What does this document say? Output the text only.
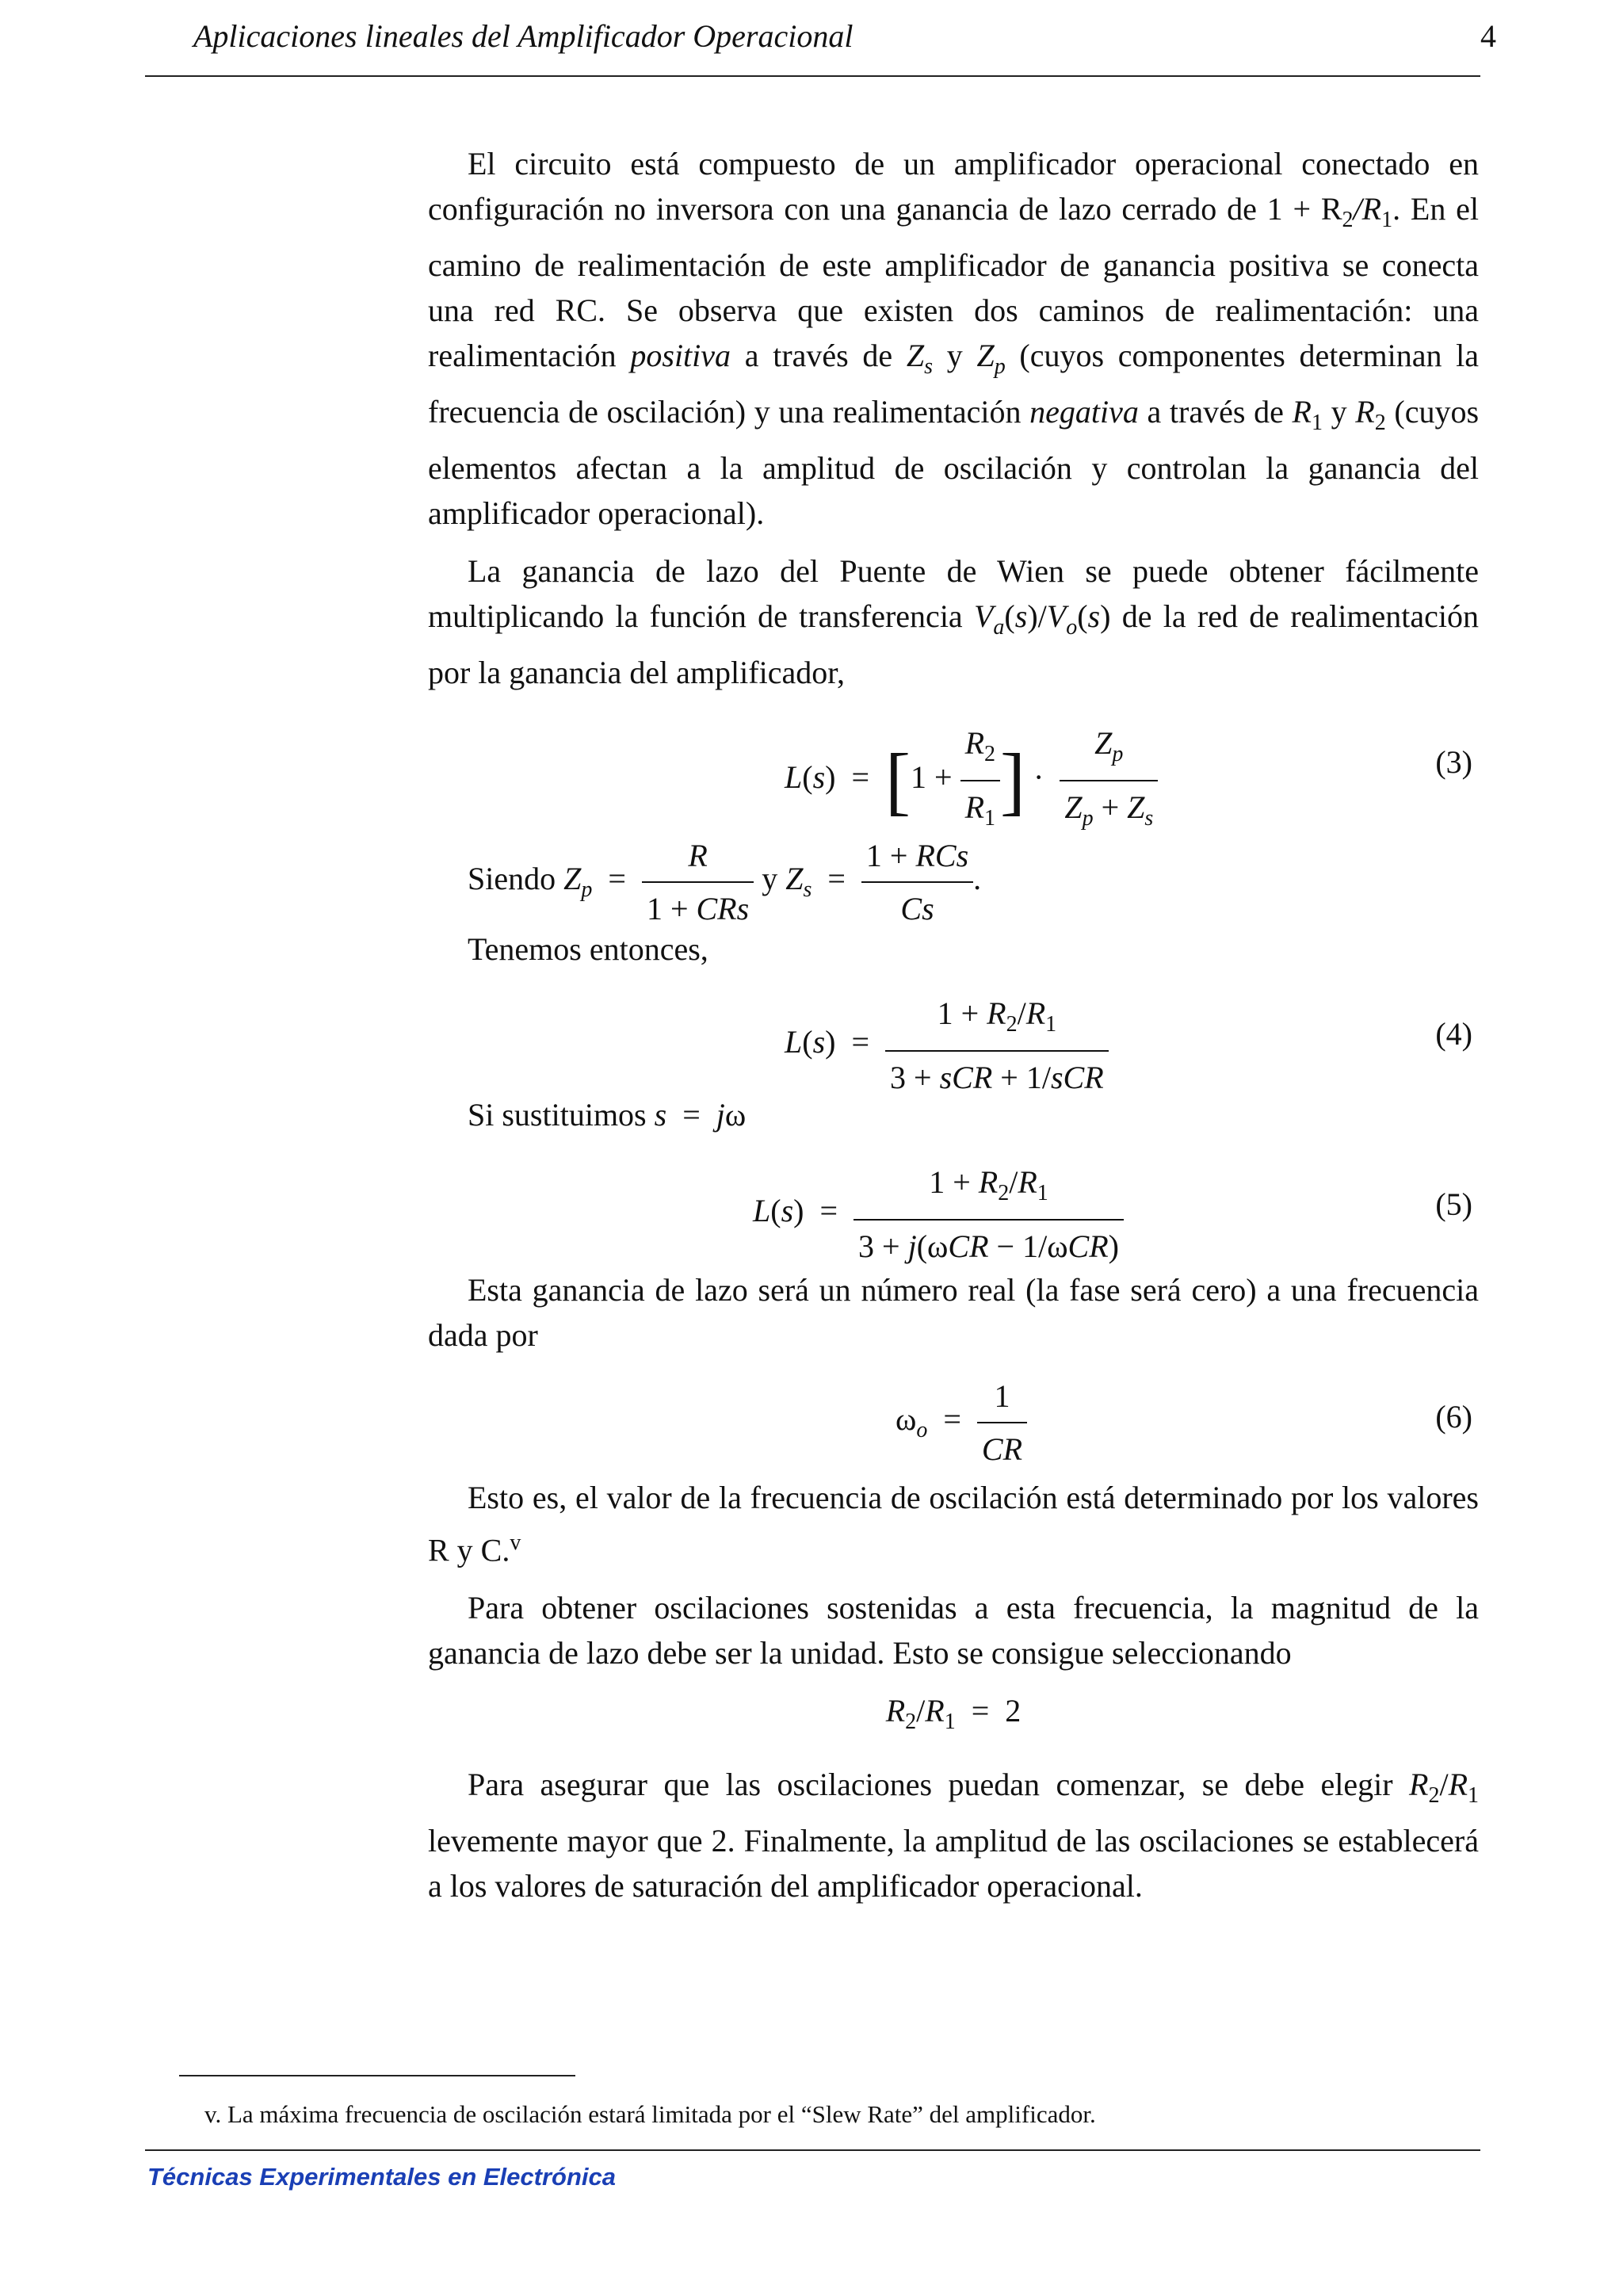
Aplicaciones lineales del Amplificador Operacional	4

El circuito está compuesto de un amplificador operacional conectado en configuración no inversora con una ganancia de lazo cerrado de $1 + R_2/R_1$. En el camino de realimentación de este amplificador de ganancia positiva se conecta una red RC. Se observa que existen dos caminos de realimentación: una realimentación positiva a través de $Z_s$ y $Z_p$ (cuyos componentes determinan la frecuencia de oscilación) y una realimentación negativa a través de $R_1$ y $R_2$ (cuyos elementos afectan a la amplitud de oscilación y controlan la ganancia del amplificador operacional).

La ganancia de lazo del Puente de Wien se puede obtener fácilmente multiplicando la función de transferencia $V_a(s)/V_o(s)$ de la red de realimentación por la ganancia del amplificador,

$L(s) = [1 + \frac{R_2}{R_1}$ ] · $\frac{Z_p}{Z_p + Z_s}$	(3)
Siendo $Z_p = \frac{R}{\text{1 + CRs}}$ y $Z_s = \frac{\text{1 + RCs}}{Cs}$ .

Tenemos entonces,

$L(s) = \frac{1 + R_2/R_1}{\text{3 + sCR + 1/sCR}}$	(4)
Si sustituimos s  =  jω
$L(s) = \frac{1 + R_2/R_1}{\text{3 + j(ωCR − 1/ωCR)}}$	(5)

Esta ganancia de lazo será un número real (la fase será cero) a una frecuencia dada por

$\omega_o = \frac{1}{CR}$	(6)

Esto es, el valor de la frecuencia de oscilación está determinado por los valores R y C.$^v$

Para obtener oscilaciones sostenidas a esta frecuencia, la magnitud de la ganancia de lazo debe ser la unidad. Esto se consigue seleccionando

$R_2/R_1 = 2$

Para asegurar que las oscilaciones puedan comenzar, se debe elegir $R_2/R_1$ levemente mayor que 2. Finalmente, la amplitud de las oscilaciones se establecerá a los valores de saturación del amplificador operacional.

v. La máxima frecuencia de oscilación estará limitada por el “Slew Rate” del amplificador.
Técnicas Experimentales en Electrónica
